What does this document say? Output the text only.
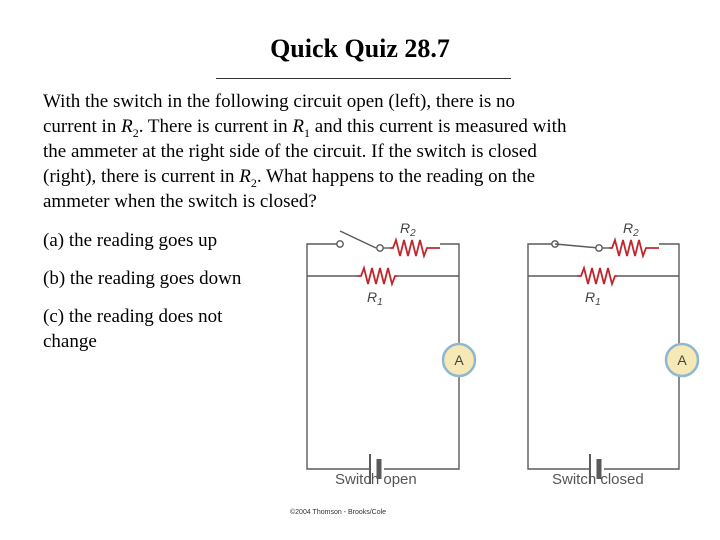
Quick Quiz 28.7
With the switch in the following circuit open (left), there is no
current in $R_2$. There is current in $R_1$ and this current is measured with
the ammeter at the right side of the circuit. If the switch is closed
(right), there is current in $R_2$. What happens to the reading on the
ammeter when the switch is closed?
(a) the reading goes up
(b) the reading goes down
(c) the reading does not
change
$R_2$
$R_1$
$R_2$
$R_1$
A	A
Switch open	Switch closed
©2004 Thomson - Brooks/Cole
